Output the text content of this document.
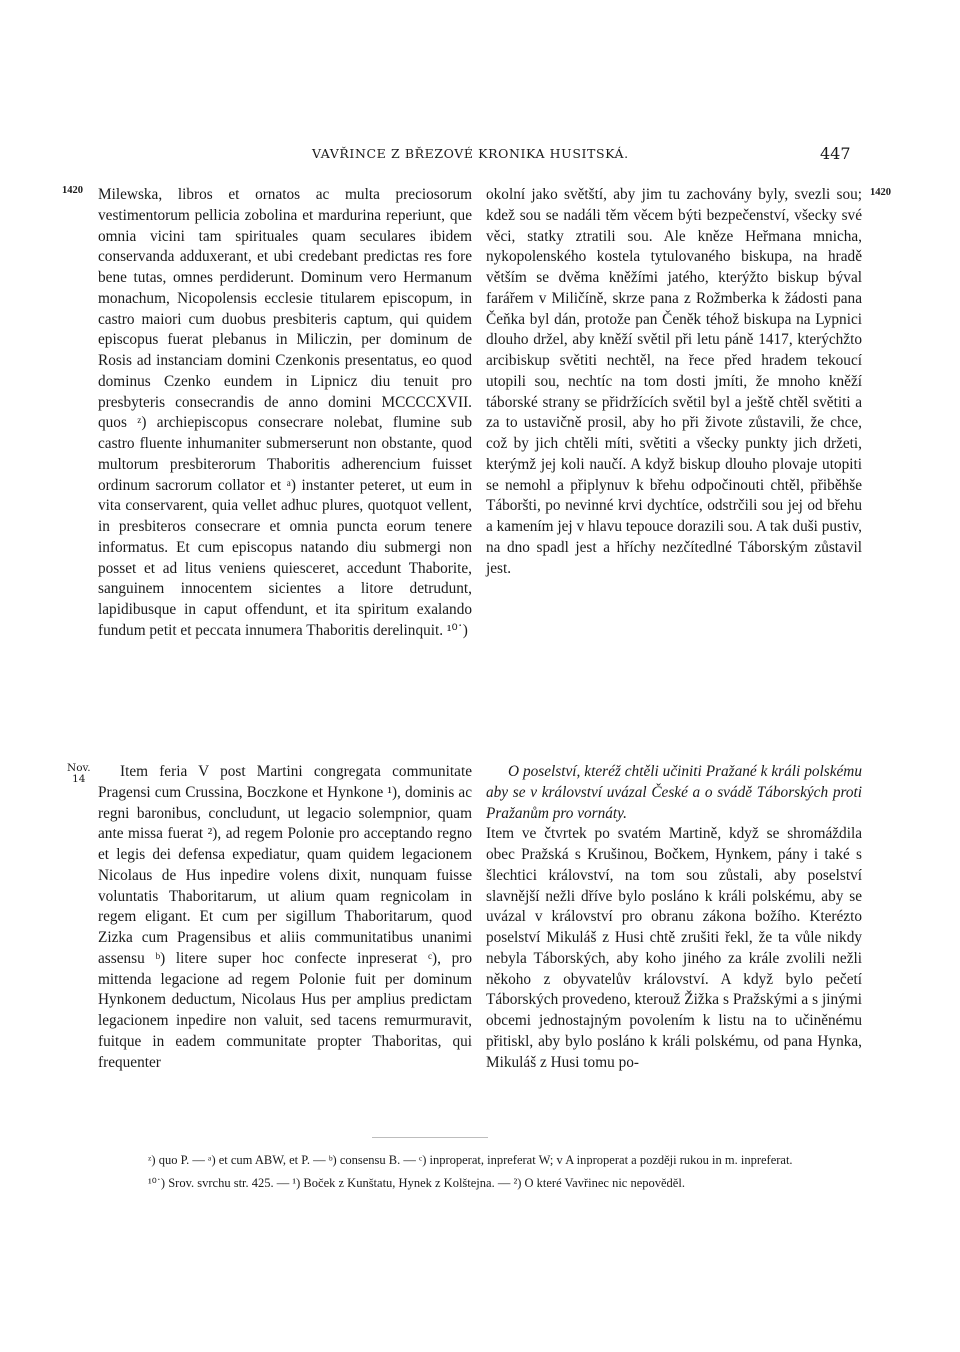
VAVŘINCE Z BŘEZOVÉ KRONIKA HUSITSKÁ.	447
1420	1420
Nov.
14

Milewska, libros et ornatos ac multa preciosorum vestimentorum pellicia zobolina et mardurina reperiunt, que omnia vicini tam spirituales quam seculares ibidem conservanda adduxerant, et ubi credebant predictas res fore bene tutas, omnes perdiderunt. Dominum vero Hermanum monachum, Nicopolensis ecclesie titularem episcopum, in castro maiori cum duobus presbiteris captum, qui quidem episcopus fuerat plebanus in Miliczin, per dominum de Rosis ad instanciam domini Czenkonis presentatus, eo quod dominus Czenko eundem in Lipnicz diu tenuit pro presbyteris consecrandis de anno domini MCCCCXVII. quos ᶻ) archiepiscopus consecrare nolebat, flumine sub castro fluente inhumaniter submerserunt non obstante, quod multorum presbiterorum Thaboritis adherencium fuisset ordinum sacrorum collator et ᵃ) instanter peteret, ut eum in vita conservarent, quia vellet adhuc plures, quotquot vellent, in presbiteros consecrare et omnia puncta eorum tenere informatus. Et cum episcopus natando diu submergi non posset et ad litus veniens quiesceret, accedunt Thaborite, sanguinem innocentem sicientes a litore detrudunt, lapidibusque in caput offendunt, et ita spiritum exalando fundum petit et peccata innumera Thaboritis derelinquit. ¹⁰˙)

okolní jako světští, aby jim tu zachovány byly, svezli sou; kdež sou se nadáli těm věcem býti bezpečenství, všecky své věci, statky ztratili sou. Ale kněze Heřmana mnicha, nykopolenského kostela tytulovaného biskupa, na hradě větším se dvěma kněžími jatého, kterýžto biskup býval farářem v Miličíně, skrze pana z Rožmberka k žádosti pana Čeňka byl dán, protože pan Čeněk téhož biskupa na Lypnici dlouho držel, aby kněží světil při letu páně 1417, kterýchžto arcibiskup světiti nechtěl, na řece před hradem tekoucí utopili sou, nechtíc na tom dosti jmíti, že mnoho kněží táborské strany se přidržících světil byl a ještě chtěl světiti a za to ustavičně prosil, aby ho při živote zůstavili, že chce, což by jich chtěli míti, světiti a všecky punkty jich držeti, kterýmž jej koli naučí. A když biskup dlouho plovaje utopiti se nemohl a připlynuv k břehu odpočinouti chtěl, přiběhše Táboršti, po nevinné krvi dychtíce, odstrčili sou jej od břehu a kamením jej v hlavu tepouce dorazili sou. A tak duši pustiv, na dno spadl jest a hříchy nezčítedlné Táborským zůstavil jest.

Item feria V post Martini congregata communitate Pragensi cum Crussina, Boczkone et Hynkone ¹), dominis ac regni baronibus, concludunt, ut legacio solempnior, quam ante missa fuerat ²), ad regem Polonie pro acceptando regno et legis dei defensa expediatur, quam quidem legacionem Nicolaus de Hus inpedire volens dixit, nunquam fuisse voluntatis Thaboritarum, ut alium quam regnicolam in regem eligant. Et cum per sigillum Thaboritarum, quod Zizka cum Pragensibus et aliis communitatibus unanimi assensu ᵇ) litere super hoc confecte inpreserat ᶜ), pro mittenda legacione ad regem Polonie fuit per dominum Hynkonem deductum, Nicolaus Hus per amplius predictam legacionem inpedire non valuit, sed tacens remurmuravit, fuitque in eadem communitate propter Thaboritas, qui frequenter

O poselství, kteréž chtěli učiniti Pražané k králi polskému aby se v království uvázal České a o svádě Táborských proti Pražanům pro vornáty.

Item ve čtvrtek po svatém Martině, když se shromáždila obec Pražská s Krušinou, Bočkem, Hynkem, pány i také s šlechtici království, na tom sou zůstali, aby poselství slavnější nežli dříve bylo posláno k králi polskému, aby se uvázal v království pro obranu zákona božího. Kterézto poselství Mikuláš z Husi chtě zrušiti řekl, že ta vůle nikdy nebyla Táborských, aby koho jiného za krále zvolili nežli někoho z obyvatelův království. A když bylo pečetí Táborských provedeno, kterouž Žižka s Pražskými a s jinými obcemi jednostajným povolením k listu na to učiněnému přitiskl, aby bylo posláno k králi polskému, od pana Hynka, Mikuláš z Husi tomu po-

ᶻ) quo P. — ᵃ) et cum ABW, et P. — ᵇ) consensu B. — ᶜ) inproperat, inpreferat W; v A inproperat a později rukou in m. inpreferat.

¹⁰˙) Srov. svrchu str. 425. — ¹) Boček z Kunštatu, Hynek z Kolštejna. — ²) O které Vavřinec nic nepověděl.
